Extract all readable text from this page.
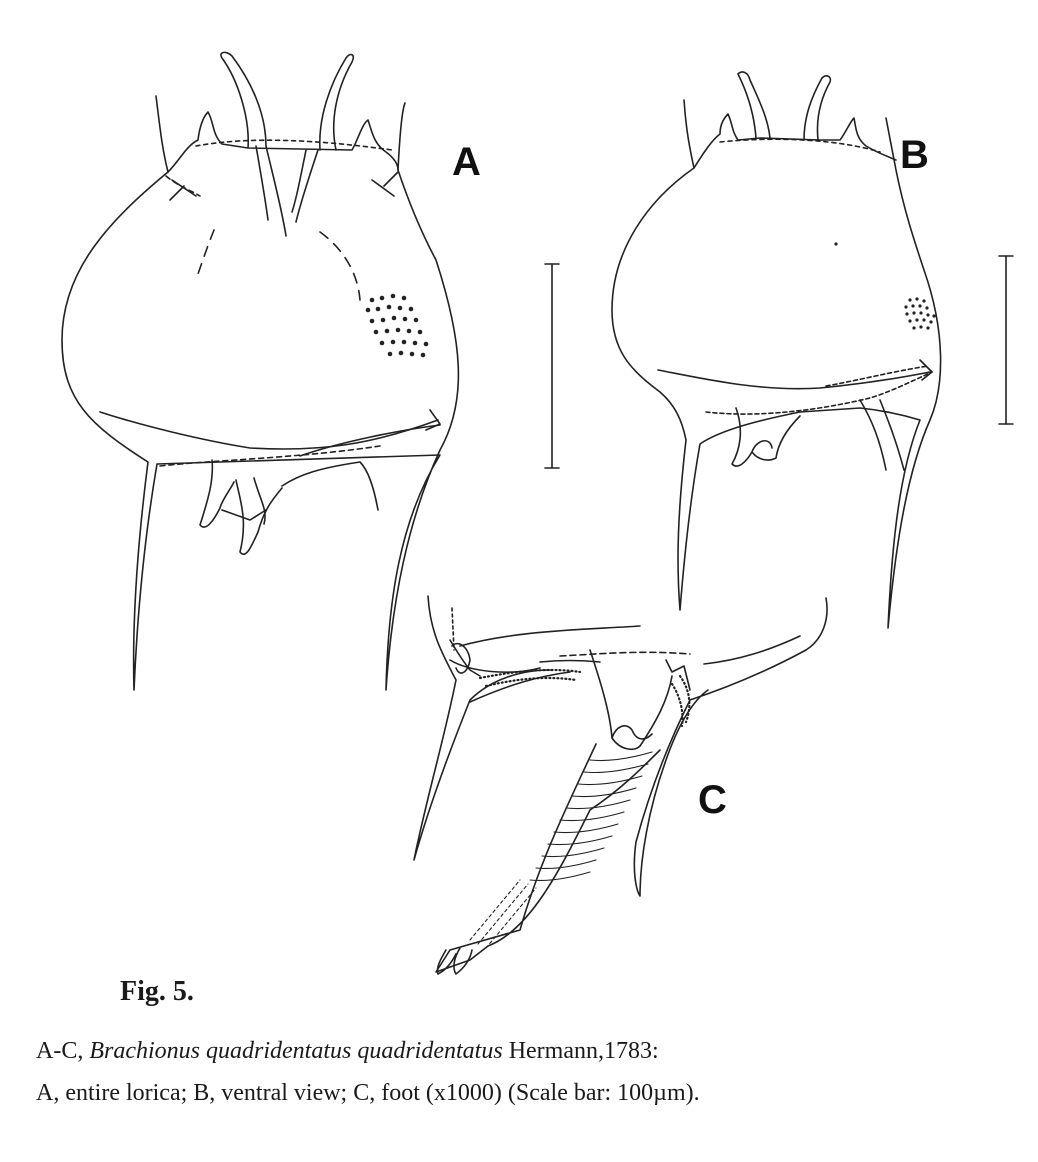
A	B
C
Fig. 5.
A-C, Brachionus quadridentatus quadridentatus Hermann,1783:
A, entire lorica; B, ventral view; C, foot (x1000) (Scale bar: 100µm).
